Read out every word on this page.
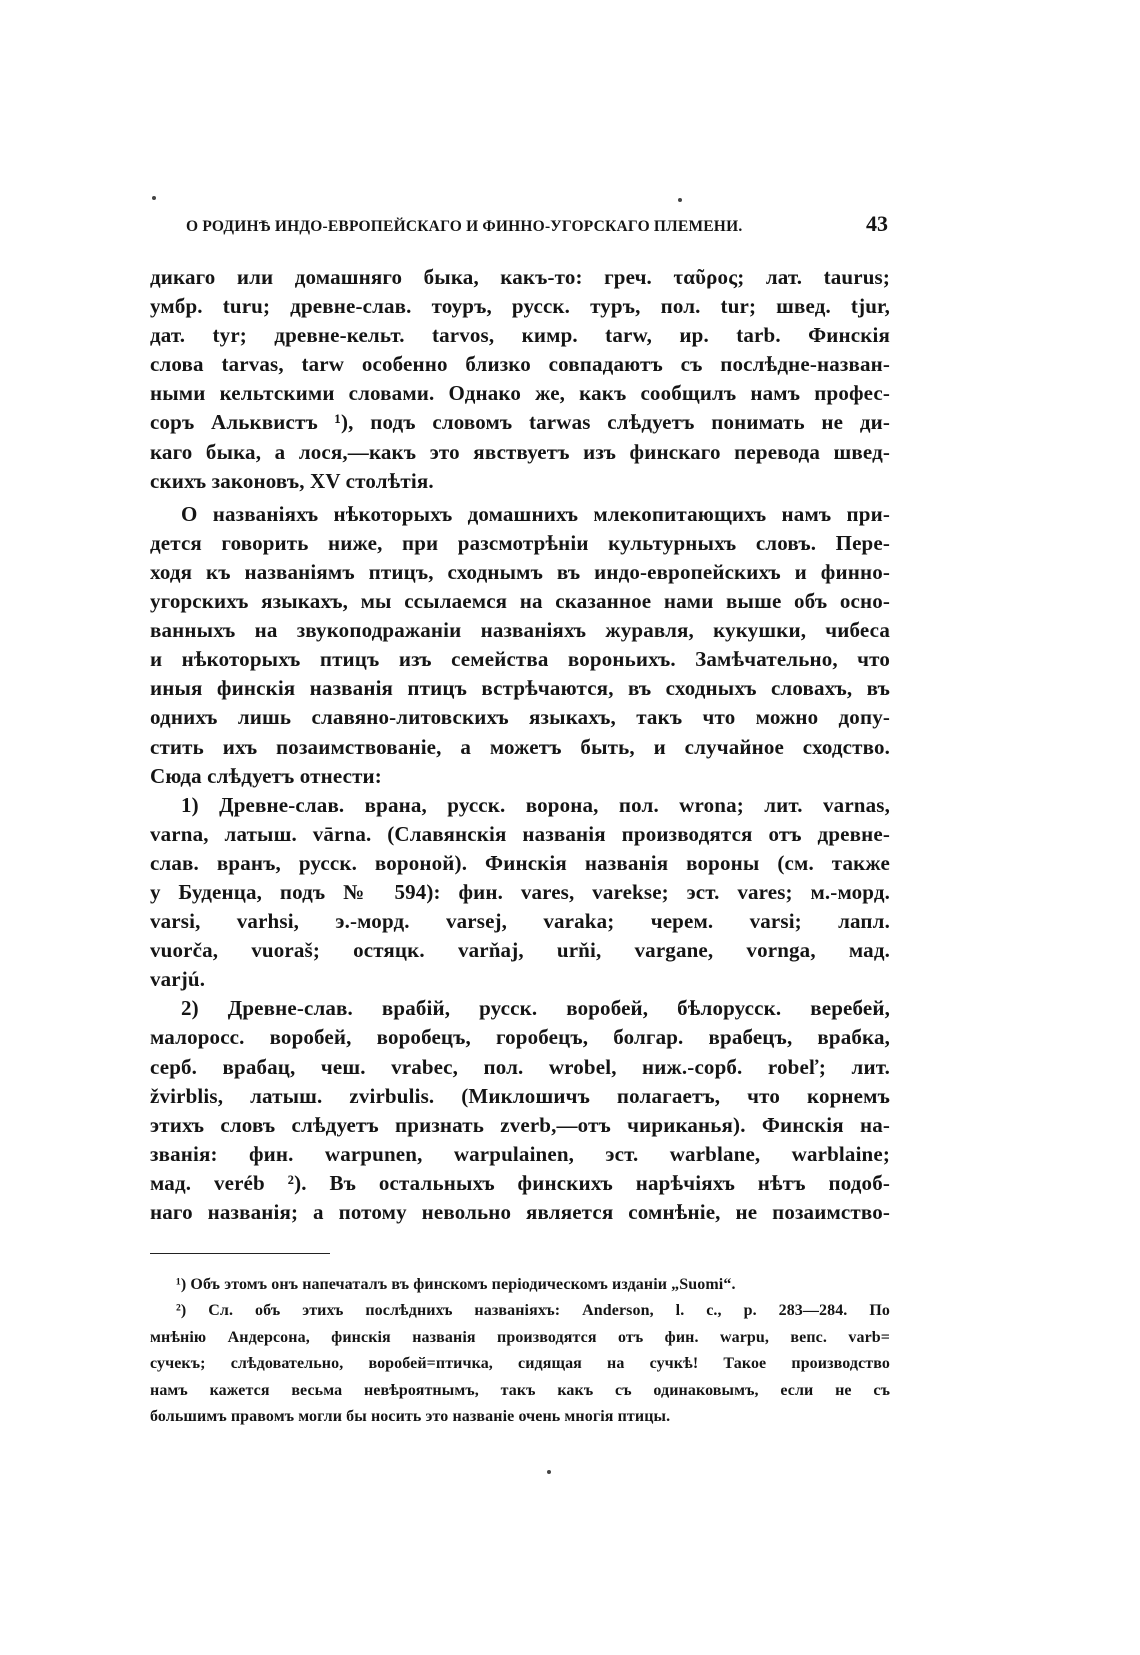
О РОДИНѢ ИНДО-ЕВРОПЕЙСКАГО И ФИННО-УГОРСКАГО ПЛЕМЕНИ.	43
дикаго или домашняго быка, какъ-то: греч. ταῦρος; лат. taurus;
умбр. turu; древне-слав. тоуръ, русск. туръ, пол. tur; швед. tjur,
дат. tyr; древне-кельт. tarvos, кимр. tarw, ир. tarb. Финскія
слова tarvas, tarw особенно близко совпадаютъ съ послѣдне-назван-
ными кельтскими словами. Однако же, какъ сообщилъ намъ профес-
соръ Альквистъ ¹), подъ словомъ tarwas слѣдуетъ понимать не ди-
каго быка, а лося,—какъ это явствуетъ изъ финскаго перевода швед-
скихъ законовъ, XV столѣтія.
О названіяхъ нѣкоторыхъ домашнихъ млекопитающихъ намъ при-
дется говорить ниже, при разсмотрѣніи культурныхъ словъ. Пере-
ходя къ названіямъ птицъ, сходнымъ въ индо-европейскихъ и финно-
угорскихъ языкахъ, мы ссылаемся на сказанное нами выше объ осно-
ванныхъ на звукоподражаніи названіяхъ журавля, кукушки, чибеса
и нѣкоторыхъ птицъ изъ семейства вороньихъ. Замѣчательно, что
иныя финскія названія птицъ встрѣчаются, въ сходныхъ словахъ, въ
однихъ лишь славяно-литовскихъ языкахъ, такъ что можно допу-
стить ихъ позаимствованіе, а можетъ быть, и случайное сходство.
Сюда слѣдуетъ отнести:
1) Древне-слав. врана, русск. ворона, пол. wrona; лит. varnas,
varna, латыш. vārna. (Славянскія названія производятся отъ древне-
слав. вранъ, русск. вороной). Финскія названія вороны (см. также
у Буденца, подъ № 594): фин. vares, varekse; эст. vares; м.-морд.
varsi, varhsi, э.-морд. varsej, varaka; черем. varsi; лапл.
vuorča, vuoraš; остяцк. varňaj, urňi, vargane, vornga, мад.
varjú.
2) Древне-слав. врабій, русск. воробей, бѣлорусск. веребей,
малоросс. воробей, воробецъ, горобецъ, болгар. врабецъ, врабка,
серб. врабац, чеш. vrabec, пол. wrobel, ниж.-сорб. robeľ; лит.
žvirblis, латыш. zvirbulis. (Миклошичъ полагаетъ, что корнемъ
этихъ словъ слѣдуетъ признать zverb,—отъ чириканья). Финскія на-
званія: фин. warpunen, warpulainen, эст. warblane, warblaine;
мад. veréb ²). Въ остальныхъ финскихъ нарѣчіяхъ нѣтъ подоб-
наго названія; а потому невольно является сомнѣніе, не позаимство-
¹) Объ этомъ онъ напечаталъ въ финскомъ періодическомъ изданіи „Suomi“.
²) Сл. объ этихъ послѣднихъ названіяхъ: Anderson, l. c., p. 283—284. По
мнѣнію Андерсона, финскія названія производятся отъ фин. warpu, вепс. varb=
сучекъ; слѣдовательно, воробей=птичка, сидящая на сучкѣ! Такое производство
намъ кажется весьма невѣроятнымъ, такъ какъ съ одинаковымъ, если не съ
большимъ правомъ могли бы носить это названіе очень многія птицы.
